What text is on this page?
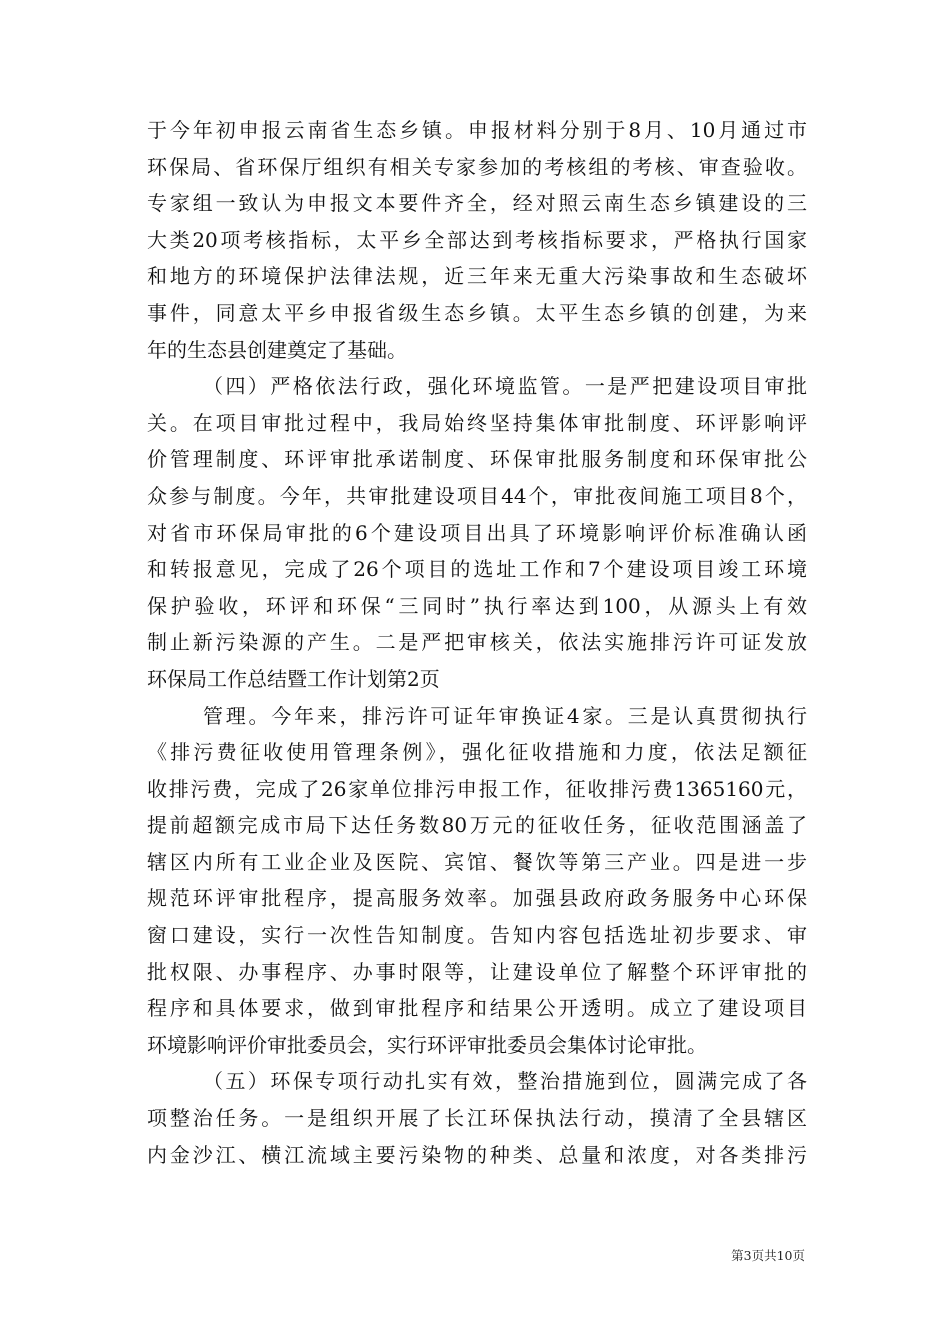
于今年初申报云南省生态乡镇。申报材料分别于8月、10月通过市
环保局、省环保厅组织有相关专家参加的考核组的考核、审查验收。
专家组一致认为申报文本要件齐全，经对照云南生态乡镇建设的三
大类20项考核指标，太平乡全部达到考核指标要求，严格执行国家
和地方的环境保护法律法规，近三年来无重大污染事故和生态破坏
事件，同意太平乡申报省级生态乡镇。太平生态乡镇的创建，为来
年的生态县创建奠定了基础。
（四）严格依法行政，强化环境监管。一是严把建设项目审批
关。在项目审批过程中，我局始终坚持集体审批制度、环评影响评
价管理制度、环评审批承诺制度、环保审批服务制度和环保审批公
众参与制度。今年，共审批建设项目44个，审批夜间施工项目8个，
对省市环保局审批的6个建设项目出具了环境影响评价标准确认函
和转报意见，完成了26个项目的选址工作和7个建设项目竣工环境
保护验收，环评和环保“三同时”执行率达到100，从源头上有效
制止新污染源的产生。二是严把审核关，依法实施排污许可证发放
环保局工作总结暨工作计划第2页
管理。今年来，排污许可证年审换证4家。三是认真贯彻执行
《排污费征收使用管理条例》，强化征收措施和力度，依法足额征
收排污费，完成了26家单位排污申报工作，征收排污费1365160元，
提前超额完成市局下达任务数80万元的征收任务，征收范围涵盖了
辖区内所有工业企业及医院、宾馆、餐饮等第三产业。四是进一步
规范环评审批程序，提高服务效率。加强县政府政务服务中心环保
窗口建设，实行一次性告知制度。告知内容包括选址初步要求、审
批权限、办事程序、办事时限等，让建设单位了解整个环评审批的
程序和具体要求，做到审批程序和结果公开透明。成立了建设项目
环境影响评价审批委员会，实行环评审批委员会集体讨论审批。
（五）环保专项行动扎实有效，整治措施到位，圆满完成了各
项整治任务。一是组织开展了长江环保执法行动，摸清了全县辖区
内金沙江、横江流域主要污染物的种类、总量和浓度，对各类排污
第3页共10页
